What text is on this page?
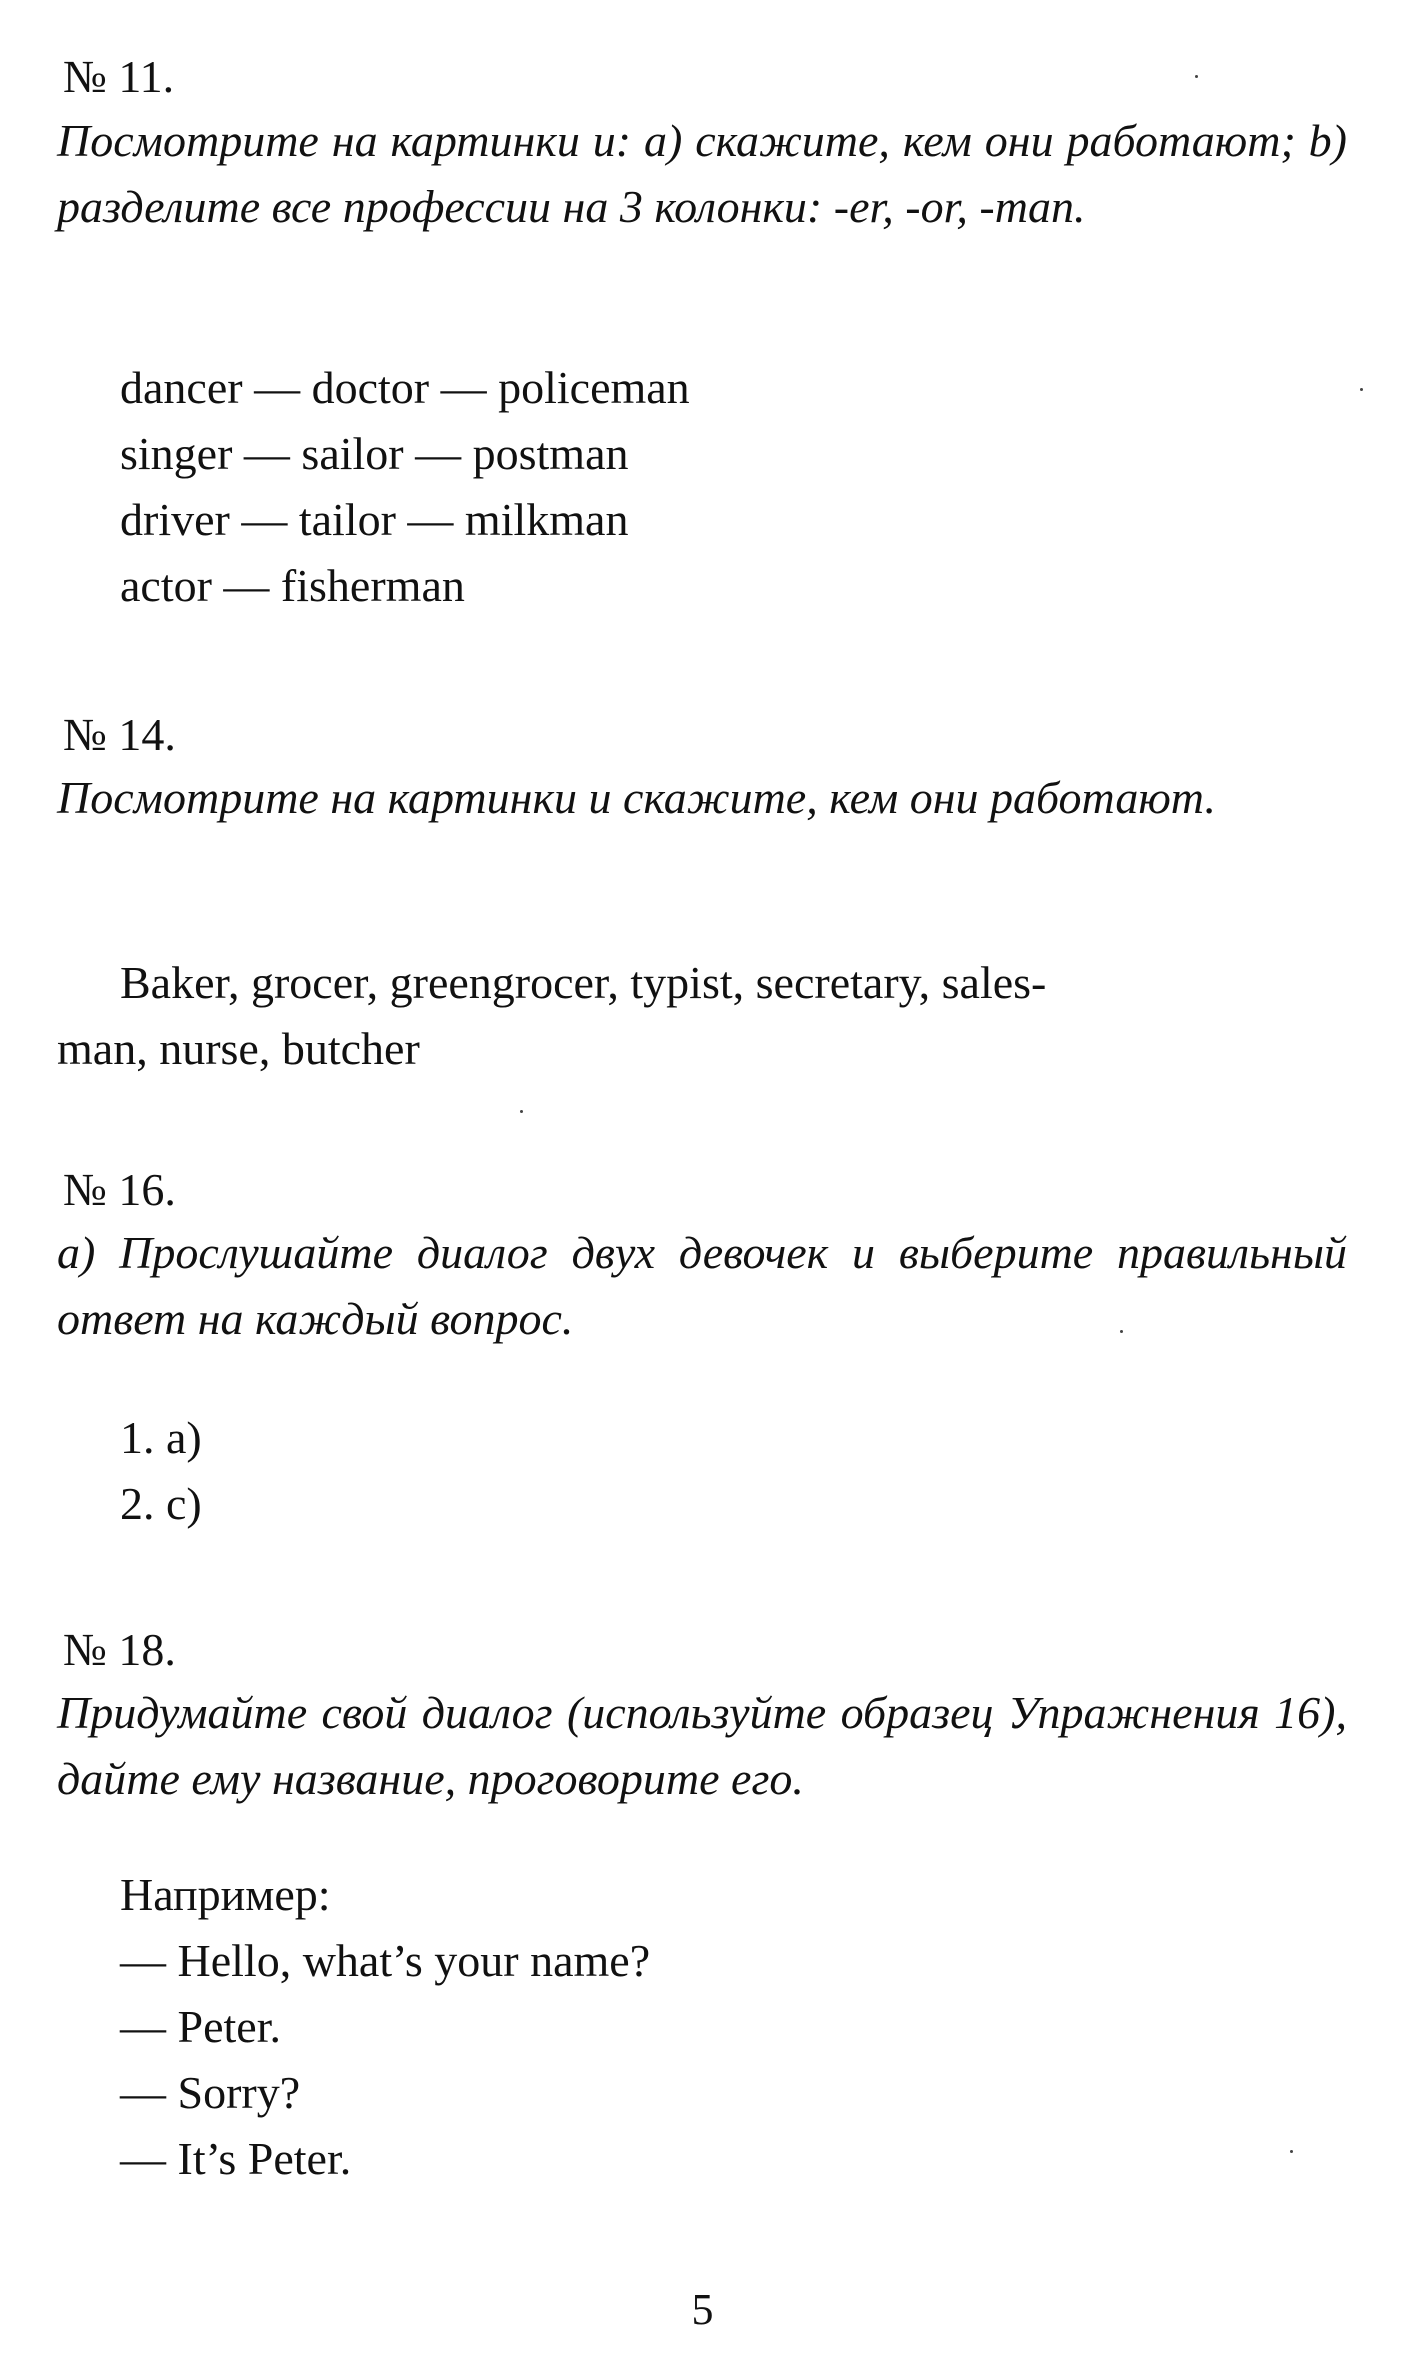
№ 11.
Посмотрите на картинки и: а) скажите, кем они работают; b) разделите все профессии на 3 колонки: -er, -or, -man.
dancer — doctor — policeman
singer — sailor — postman
driver — tailor — milkman
actor — fisherman
№ 14.
Посмотрите на картинки и скажите, кем они работают.
Baker, grocer, greengrocer, typist, secretary, sales-
man, nurse, butcher
№ 16.
а) Прослушайте диалог двух девочек и выберите правильный ответ на каждый вопрос.
1. a)
2. c)
№ 18.
Придумайте свой диалог (используйте образец Упражнения 16), дайте ему название, проговорите его.
Например:
— Hello, what’s your name?
— Peter.
— Sorry?
— It’s Peter.
5
